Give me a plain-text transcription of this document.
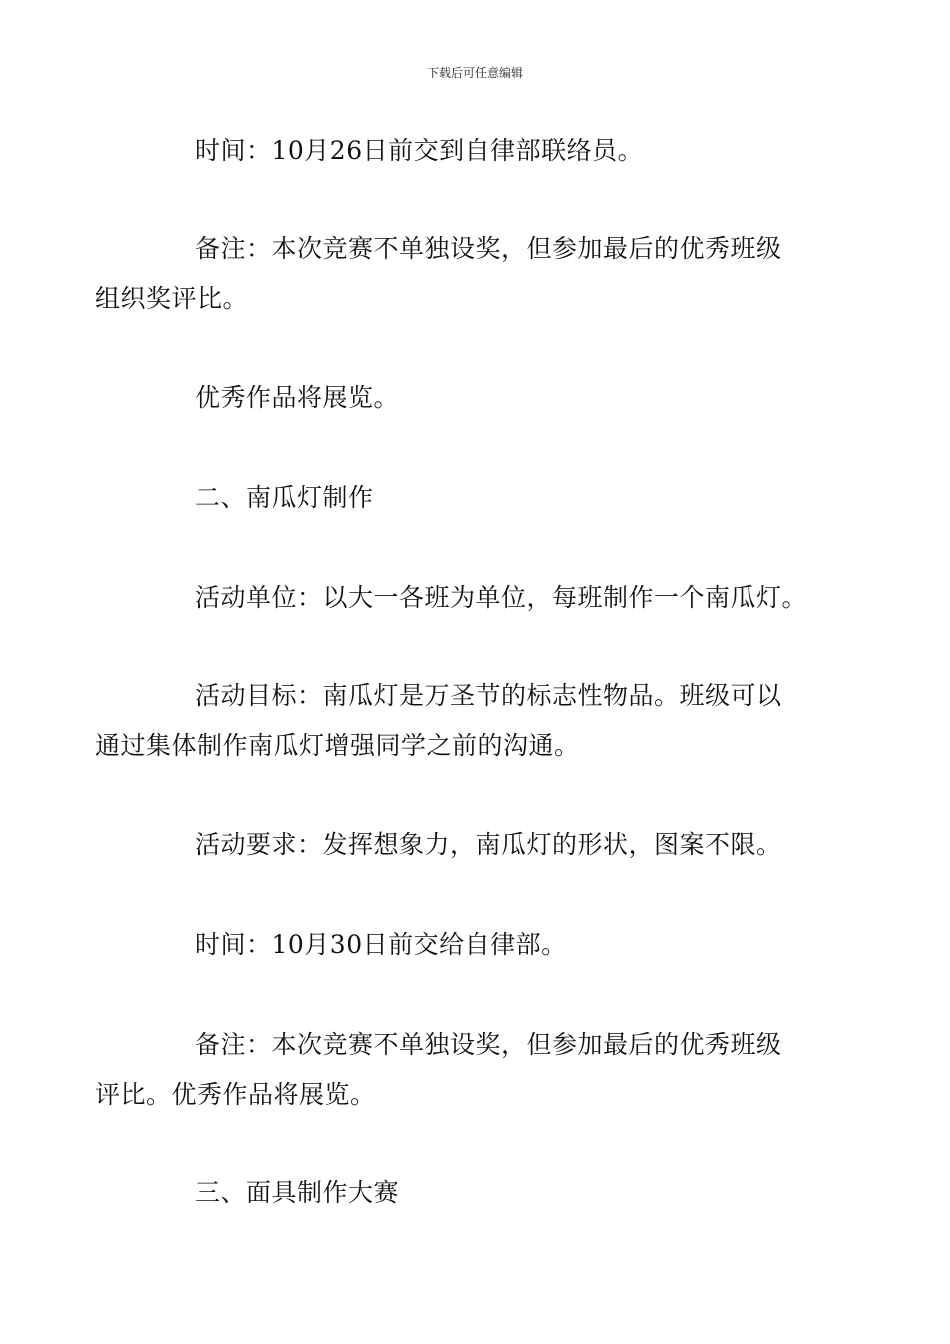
下载后可任意编辑
时间：10月26日前交到自律部联络员。
备注：本次竞赛不单独设奖，但参加最后的优秀班级
组织奖评比。
优秀作品将展览。
二、南瓜灯制作
活动单位：以大一各班为单位，每班制作一个南瓜灯。
活动目标：南瓜灯是万圣节的标志性物品。班级可以
通过集体制作南瓜灯增强同学之前的沟通。
活动要求：发挥想象力，南瓜灯的形状，图案不限。
时间：10月30日前交给自律部。
备注：本次竞赛不单独设奖，但参加最后的优秀班级
评比。优秀作品将展览。
三、面具制作大赛
